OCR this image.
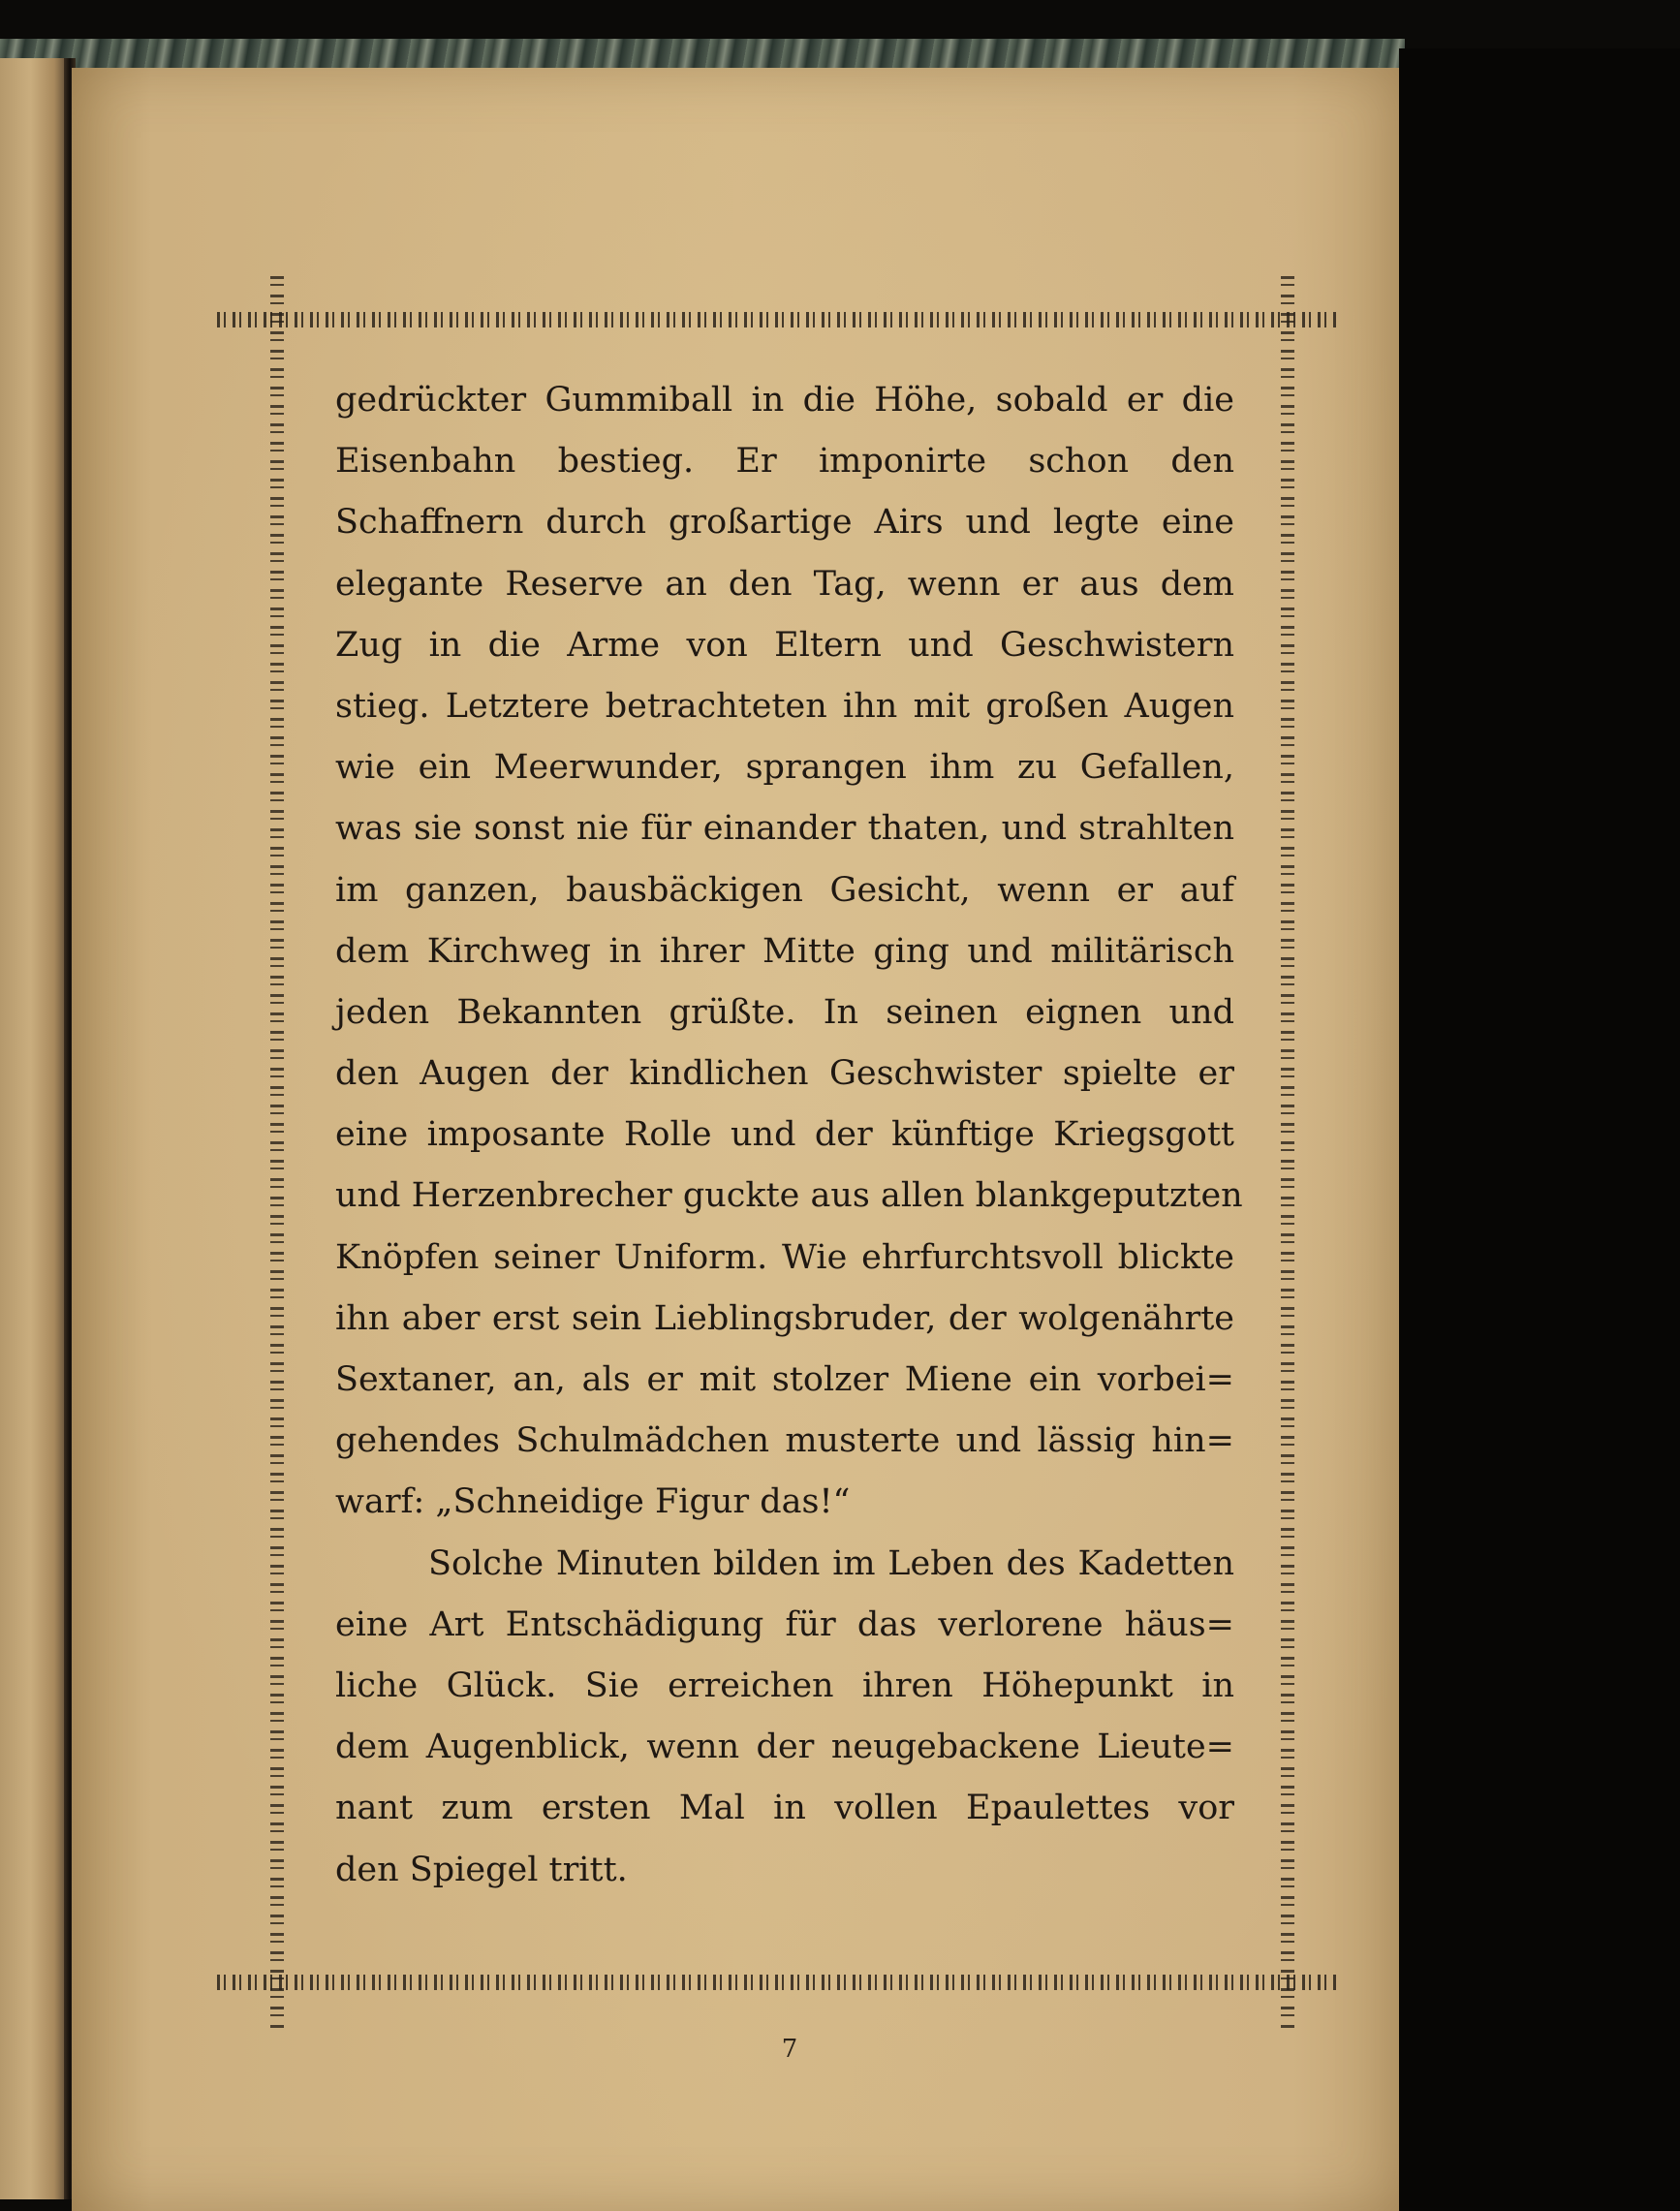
gedrückter Gummiball in die Höhe, sobald er die
Eisenbahn bestieg. Er imponirte schon den
Schaffnern durch großartige Airs und legte eine
elegante Reserve an den Tag, wenn er aus dem
Zug in die Arme von Eltern und Geschwistern
stieg. Letztere betrachteten ihn mit großen Augen
wie ein Meerwunder, sprangen ihm zu Gefallen,
was sie sonst nie für einander thaten, und strahlten
im ganzen, bausbäckigen Gesicht, wenn er auf
dem Kirchweg in ihrer Mitte ging und militärisch
jeden Bekannten grüßte. In seinen eignen und
den Augen der kindlichen Geschwister spielte er
eine imposante Rolle und der künftige Kriegsgott
und Herzenbrecher guckte aus allen blankgeputzten
Knöpfen seiner Uniform. Wie ehrfurchtsvoll blickte
ihn aber erst sein Lieblingsbruder, der wolgenährte
Sextaner, an, als er mit stolzer Miene ein vorbei=
gehendes Schulmädchen musterte und lässig hin=
warf: „Schneidige Figur das!“
Solche Minuten bilden im Leben des Kadetten
eine Art Entschädigung für das verlorene häus=
liche Glück. Sie erreichen ihren Höhepunkt in
dem Augenblick, wenn der neugebackene Lieute=
nant zum ersten Mal in vollen Epaulettes vor
den Spiegel tritt.
7
